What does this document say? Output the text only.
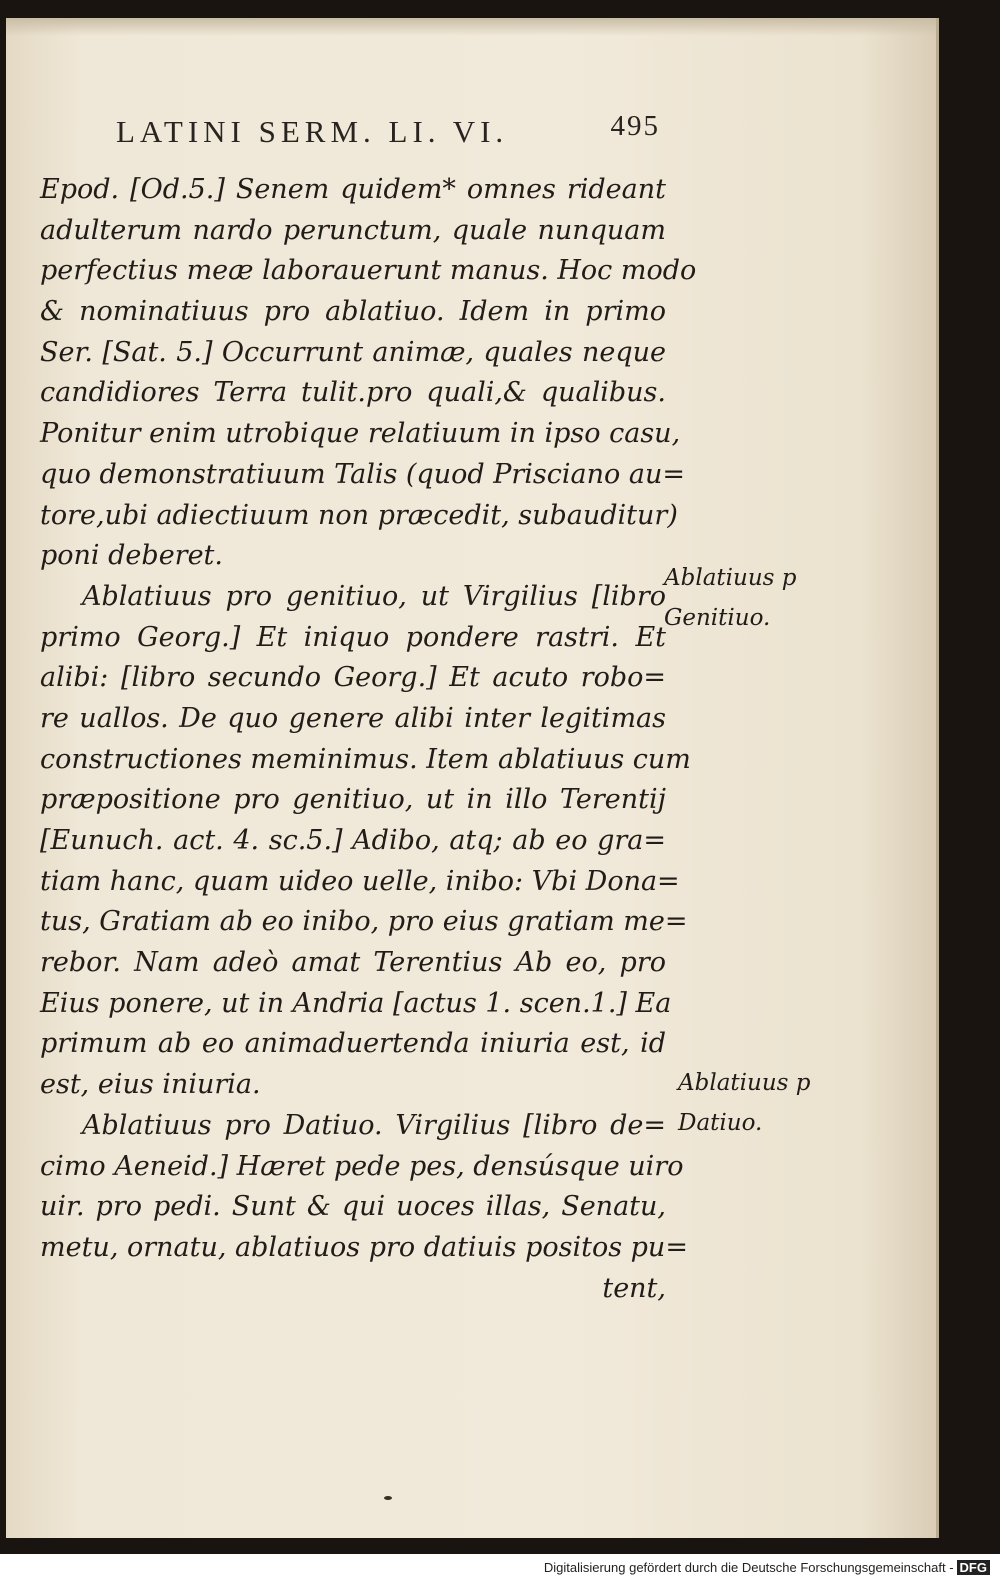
LATINI SERM. LI. VI.	495
Epod. [Od.5.] Senem quidem* omnes rideant
adulterum nardo perunctum, quale nunquam
perfectius meæ laborauerunt manus. Hoc modo
& nominatiuus pro ablatiuo. Idem in primo
Ser. [Sat. 5.] Occurrunt animæ, quales neque
candidiores Terra tulit.pro quali,& qualibus.
Ponitur enim utrobique relatiuum in ipso casu,
quo demonstratiuum Talis (quod Prisciano au=
tore,ubi adiectiuum non præcedit, subauditur)
poni deberet.
Ablatiuus pro genitiuo, ut Virgilius [libro
primo Georg.] Et iniquo pondere rastri. Et
alibi: [libro secundo Georg.] Et acuto robo=
re uallos. De quo genere alibi inter legitimas
constructiones meminimus. Item ablatiuus cum
præpositione pro genitiuo, ut in illo Terentij
[Eunuch. act. 4. sc.5.] Adibo, atq; ab eo gra=
tiam hanc, quam uideo uelle, inibo: Vbi Dona=
tus, Gratiam ab eo inibo, pro eius gratiam me=
rebor. Nam adeò amat Terentius Ab eo, pro
Eius ponere, ut in Andria [actus 1. scen.1.] Ea
primum ab eo animaduertenda iniuria est, id
est, eius iniuria.
Ablatiuus pro Datiuo. Virgilius [libro de=
cimo Aeneid.] Hæret pede pes, densúsque uiro
uir. pro pedi. Sunt & qui uoces illas, Senatu,
metu, ornatu, ablatiuos pro datiuis positos pu=
tent,
Ablatiuus p
Genitiuo.
Ablatiuus p
Datiuo.
Digitalisierung gefördert durch die Deutsche Forschungsgemeinschaft - DFG
